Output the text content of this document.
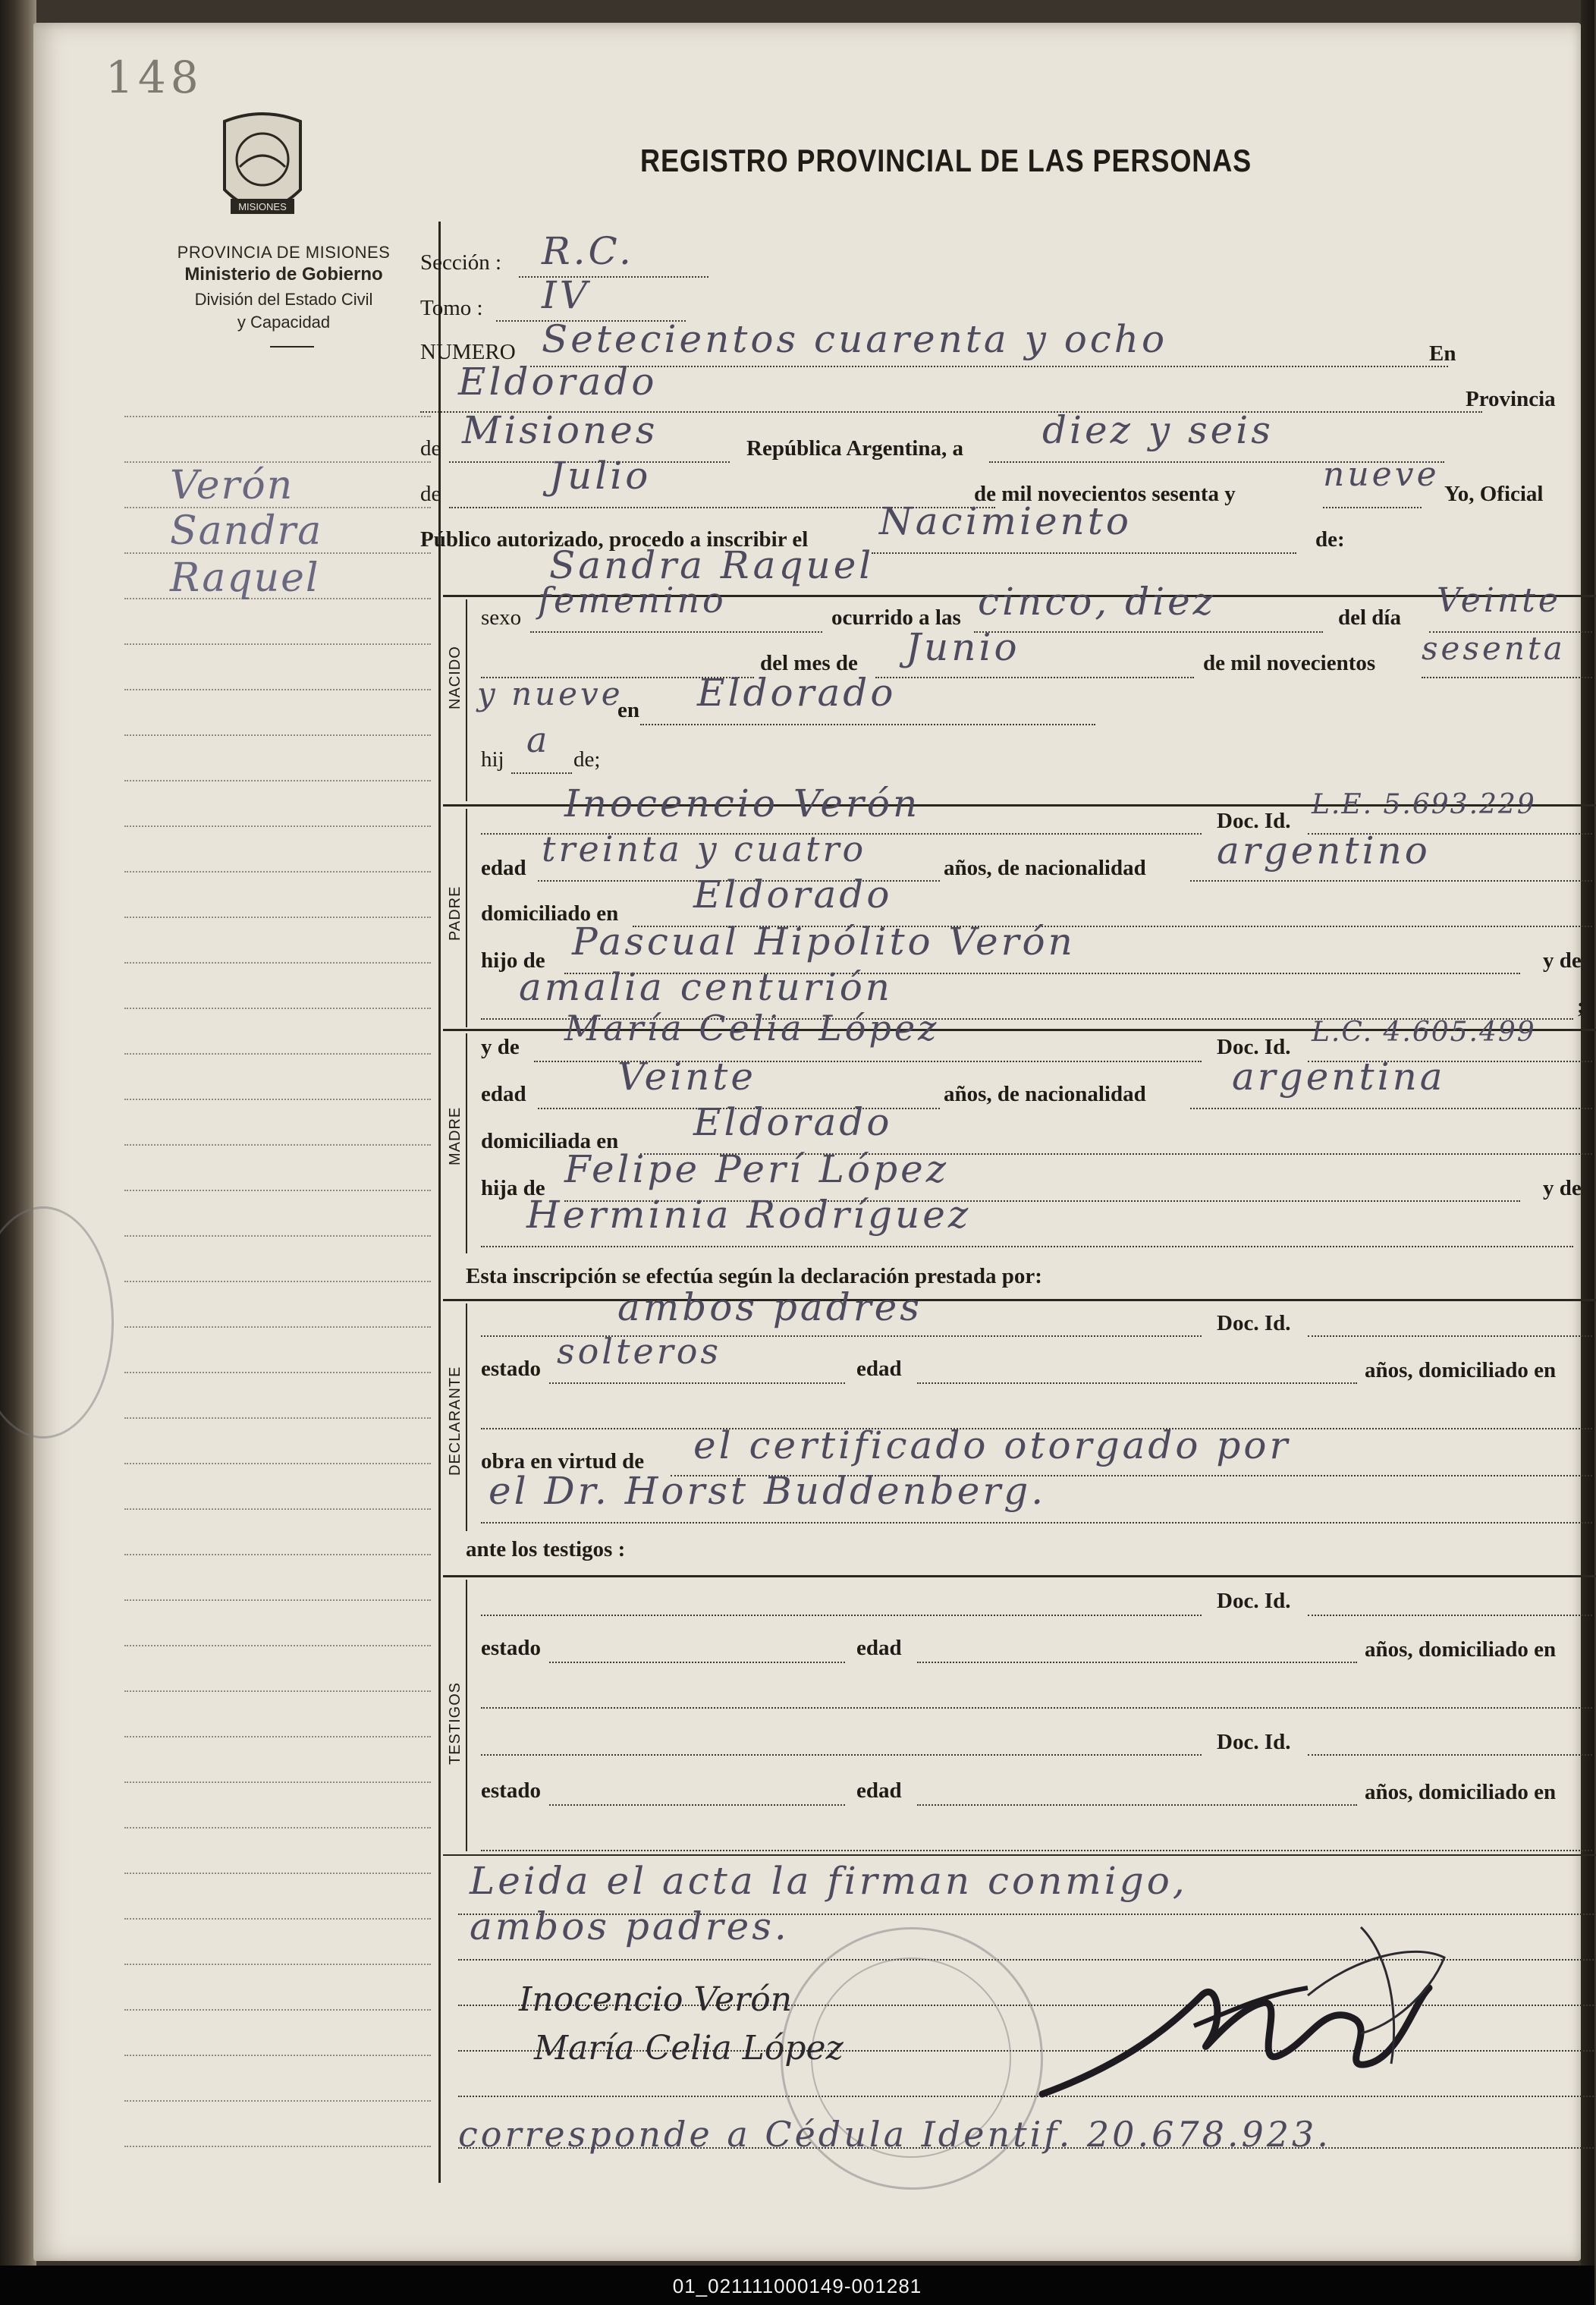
148
MISIONES
PROVINCIA DE MISIONES
Ministerio de Gobierno
División del Estado Civil
y Capacidad
Verón
Sandra
Raquel
REGISTRO PROVINCIAL DE LAS PERSONAS
Sección : R.C.
Tomo : IV
NUMERO Setecientos cuarenta y ocho	En
Eldorado	Provincia
de Misiones	República Argentina, a diez y seis
de	Julio	de mil novecientos sesenta y	nueve Yo, Oficial
Público autorizado, procedo a inscribir el Nacimiento	de:
Sandra Raquel
NACIDO
sexo femenino	ocurrido a las cinco, diez	del día Veinte
del mes de Junio	de mil novecientos sesenta
y nueve
en Eldorado
hij a de;
PADRE
Inocencio Verón	Doc. Id.
L.E. 5.693.229
edad treinta y cuatro	años, de nacionalidad argentino
domiciliado en Eldorado
hijo de Pascual Hipólito Verón	y de
amalia centurión	;
MADRE
y de María Celia López	Doc. Id. L.C. 4.605.499
edad Veinte	años, de nacionalidad argentina
domiciliada en Eldorado
hija de Felipe Perí López	y de
Herminia Rodríguez
Esta inscripción se efectúa según la declaración prestada por:
DECLARANTE
ambos padres	Doc. Id.
estado solteros	edad	años, domiciliado en
obra en virtud de el certificado otorgado por
el Dr. Horst Buddenberg.
ante los testigos :
TESTIGOS
Doc. Id.
estado	edad	años, domiciliado en
Doc. Id.
estado	edad	años, domiciliado en
Leida el acta la firman conmigo,
ambos padres.
Inocencio Verón
María Celia López
corresponde a Cédula Identif. 20.678.923.
01_021111000149-001281
